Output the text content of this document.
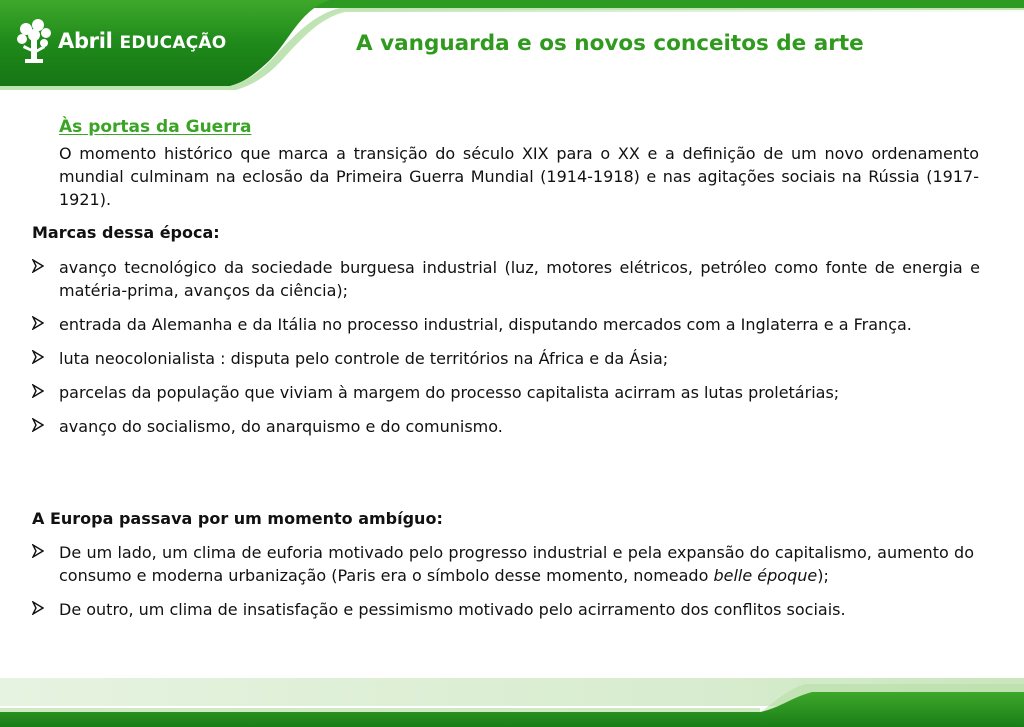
Abril EDUCAÇÃO	A vanguarda e os novos conceitos de arte
Às portas da Guerra
O momento histórico que marca a transição do século XIX para o XX e a definição de um novo ordenamento mundial culminam na eclosão da Primeira Guerra Mundial (1914-1918) e nas agitações sociais na Rússia (1917-1921).
Marcas dessa época:
avanço tecnológico da sociedade burguesa industrial (luz, motores elétricos, petróleo como fonte de energia e matéria-prima, avanços da ciência);
entrada da Alemanha e da Itália no processo industrial, disputando mercados com a Inglaterra e a França.
luta neocolonialista : disputa pelo controle de territórios na África e da Ásia;
parcelas da população que viviam à margem do processo capitalista acirram as lutas proletárias;
avanço do socialismo, do anarquismo e do comunismo.
A Europa passava por um momento ambíguo:
De um lado, um clima de euforia motivado pelo progresso industrial e pela expansão do capitalismo, aumento do consumo e moderna urbanização (Paris era o símbolo desse momento, nomeado belle époque);
De outro, um clima de insatisfação e pessimismo motivado pelo acirramento dos conflitos sociais.
